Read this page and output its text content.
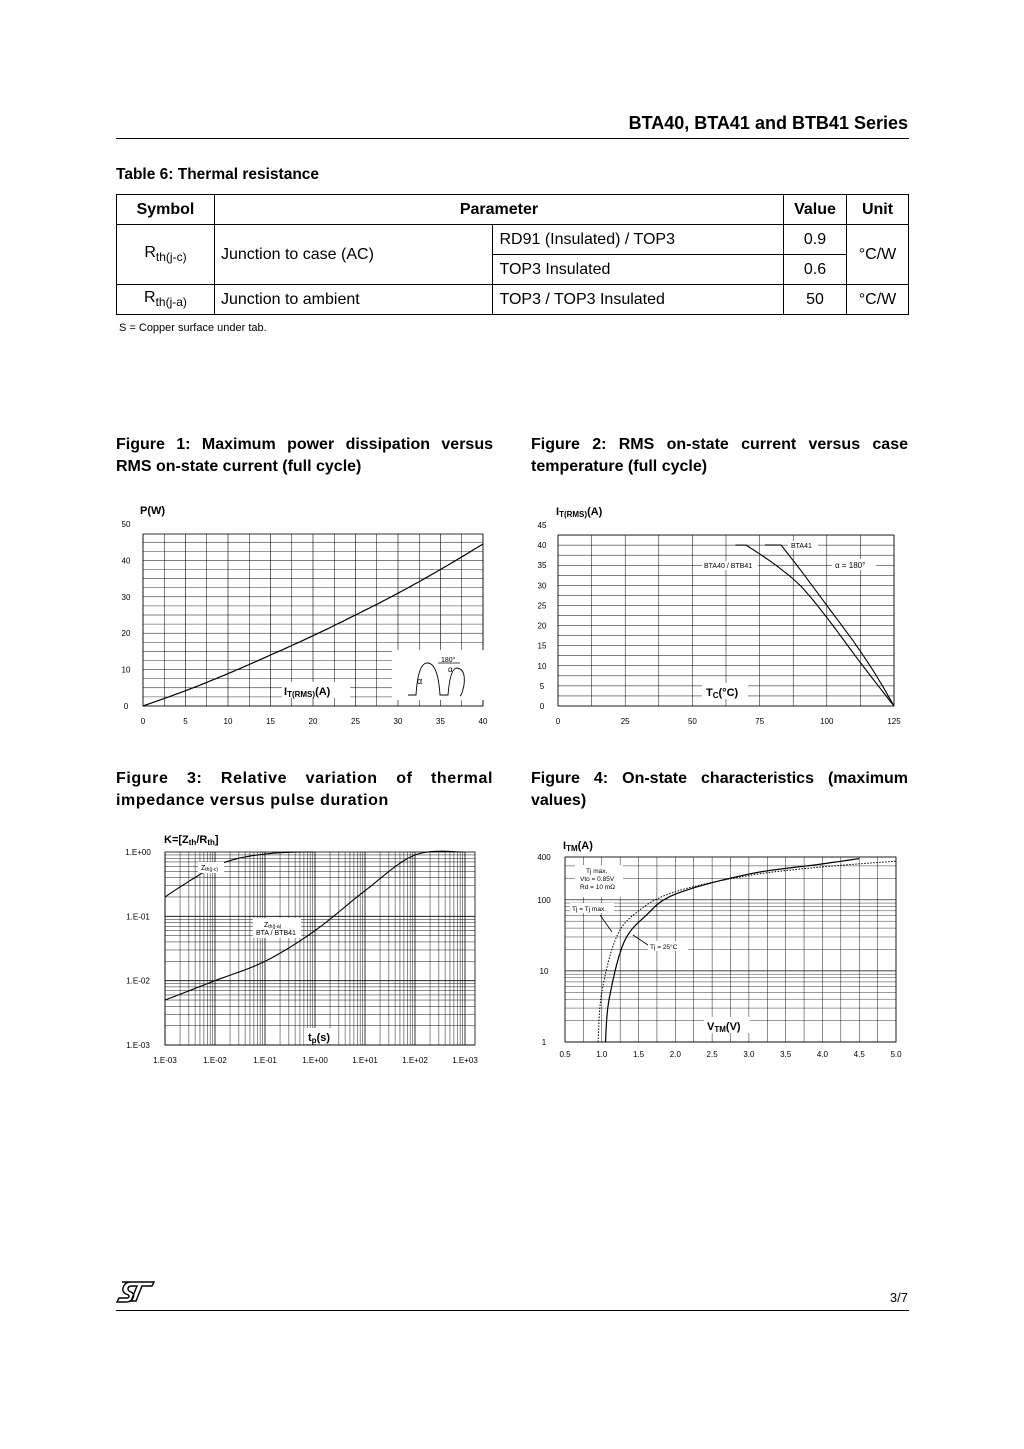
BTA40, BTA41 and BTB41 Series
Table 6: Thermal resistance
Symbol	Parameter		Value	Unit
$R_{th(j-c)}$	Junction to case (AC)	RD91 (Insulated) / TOP3	0.9	°C/W
		TOP3 Insulated	0.6	
$R_{th(j-a)}$	Junction to ambient	TOP3 / TOP3 Insulated	50	°C/W
S = Copper surface under tab.
Figure 1: Maximum power dissipation versus
RMS on-state current (full cycle)
Figure 2: RMS on-state current versus case
temperature (full cycle)
Figure 3: Relative variation of thermal
impedance versus pulse duration
Figure 4: On-state characteristics (maximum
values)
P(W)
0	5	10	15	20	25	30	35	40
0
10
20
30
40
50
180°
α
α
IT(RMS)(A)
IT(RMS)(A)
0	25	50	75	100	125
0
5
10
15
20
25
30
35
40
45
BTA41
BTA40 / BTB41	α = 180°
TC(°C)
K=[Zth/Rth]
1.E-03	1.E-02	1.E-01	1.E+00	1.E+01	1.E+02	1.E+03
1.E+00
1.E-01
1.E-02
1.E-03
Zth(j-c)
Zth(j-a)
BTA / BTB41
tp(s)
ITM(A)
0.5	1.0	1.5	2.0	2.5	3.0	3.5	4.0	4.5	5.0
400
100
10
1
Tj max.
Vto = 0.85V
Rd = 10 mΩ
Tj = Tj max.
Tj = 25°C
VTM(V)
3/7
